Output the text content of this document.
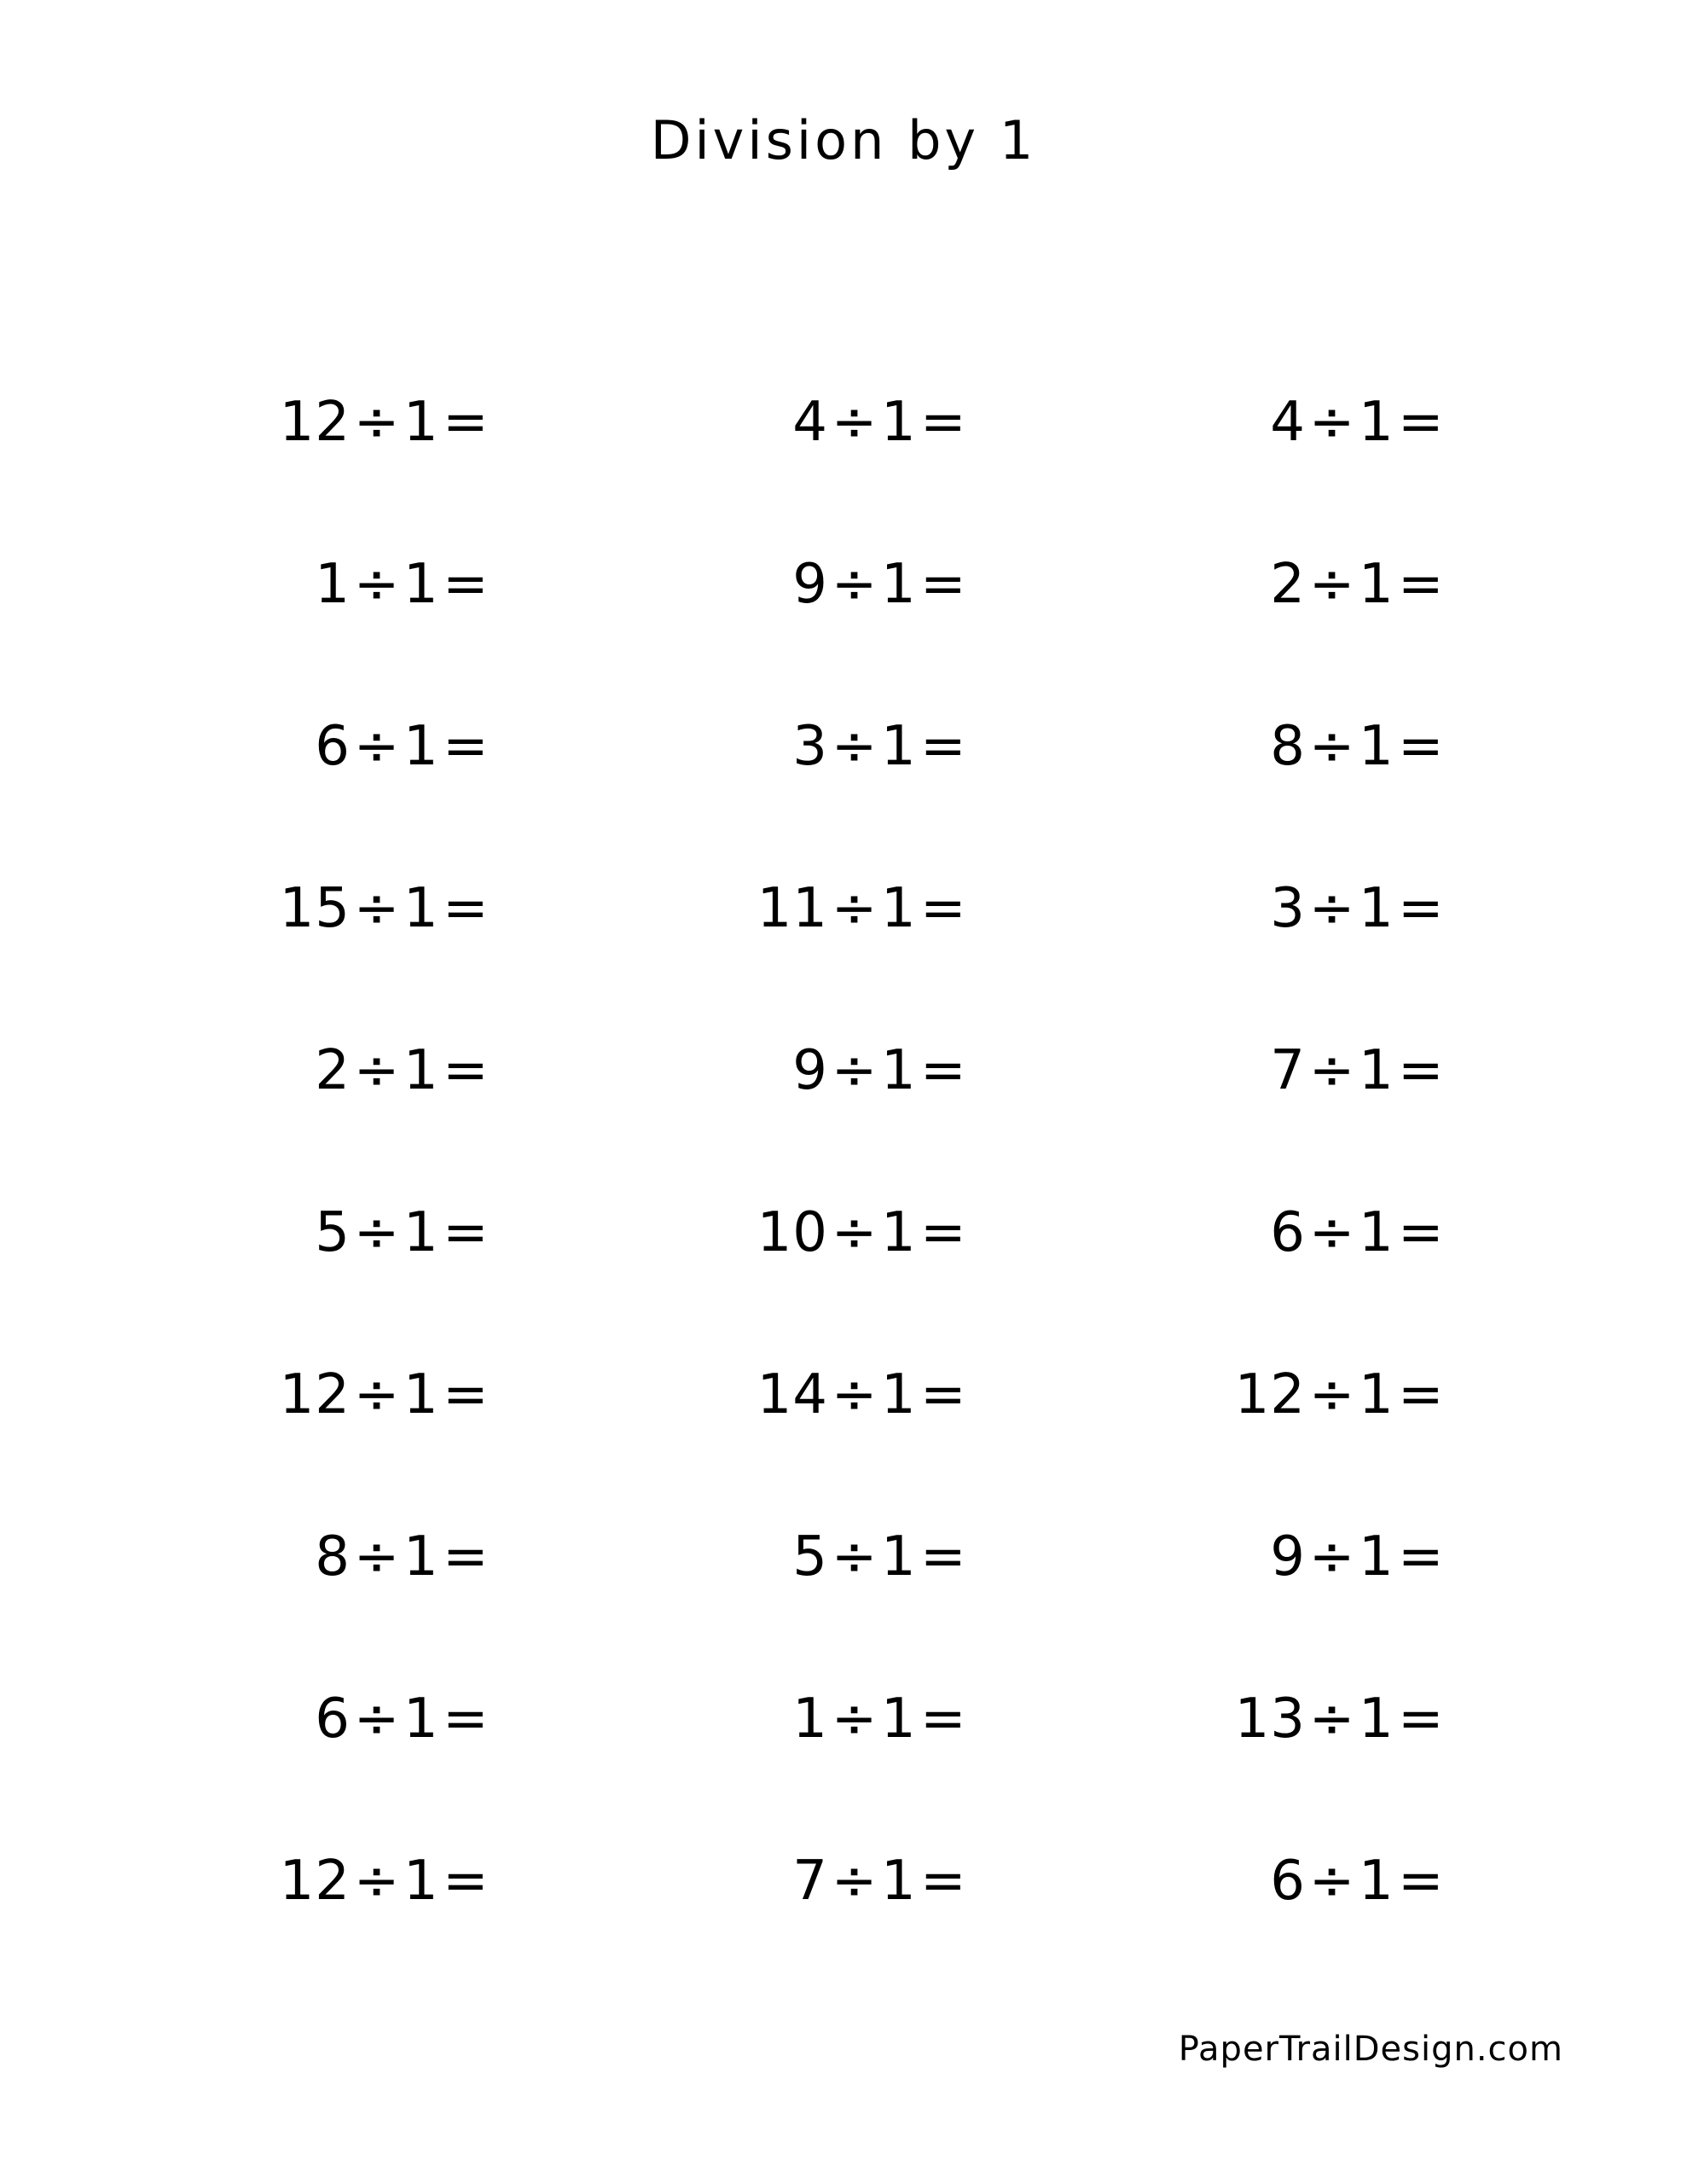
Division by 1
12 ÷ 1 =	4 ÷ 1 =	4 ÷ 1 =
1 ÷ 1 =	9 ÷ 1 =	2 ÷ 1 =
6 ÷ 1 =	3 ÷ 1 =	8 ÷ 1 =
15 ÷ 1 =	11 ÷ 1 =	3 ÷ 1 =
2 ÷ 1 =	9 ÷ 1 =	7 ÷ 1 =
5 ÷ 1 =	10 ÷ 1 =	6 ÷ 1 =
12 ÷ 1 =	14 ÷ 1 =	12 ÷ 1 =
8 ÷ 1 =	5 ÷ 1 =	9 ÷ 1 =
6 ÷ 1 =	1 ÷ 1 =	13 ÷ 1 =
12 ÷ 1 =	7 ÷ 1 =	6 ÷ 1 =
PaperTrailDesign.com
